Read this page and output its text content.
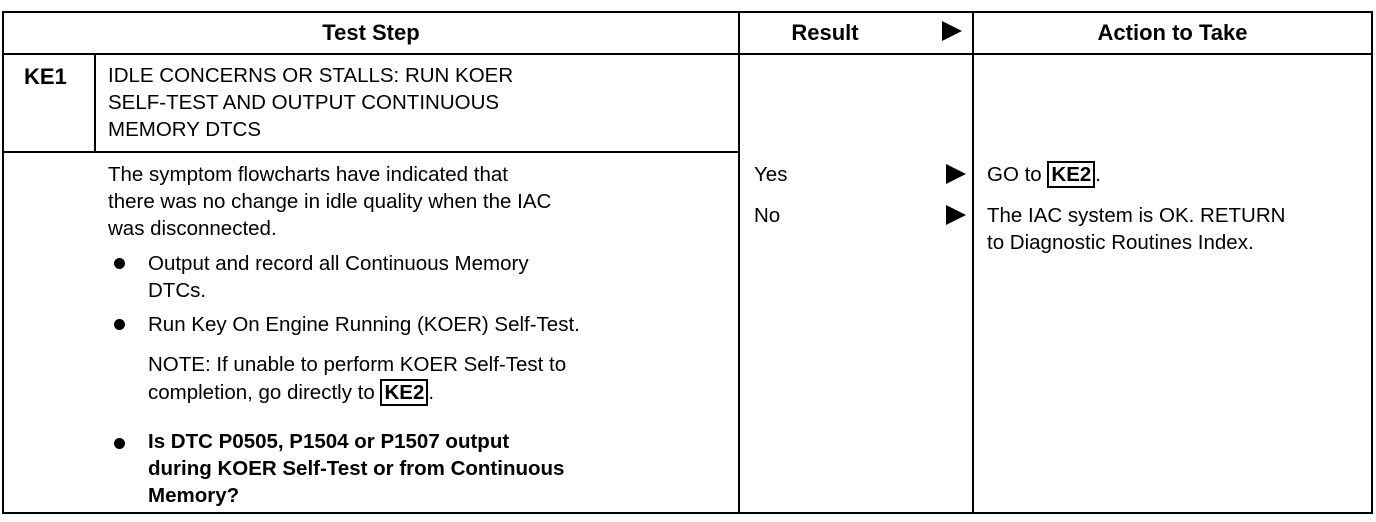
Test Step	Result	Action to Take
KE1 IDLE CONCERNS OR STALLS: RUN KOER
SELF-TEST AND OUTPUT CONTINUOUS
MEMORY DTCS
The symptom flowcharts have indicated that
there was no change in idle quality when the IAC
was disconnected.
Output and record all Continuous Memory
DTCs.
Run Key On Engine Running (KOER) Self-Test.
NOTE: If unable to perform KOER Self-Test to
completion, go directly to KE2 .
Is DTC P0505, P1504 or P1507 output
during KOER Self-Test or from Continuous
Memory?
Yes
No
GO to KE2 .
The IAC system is OK. RETURN
to Diagnostic Routines Index.
